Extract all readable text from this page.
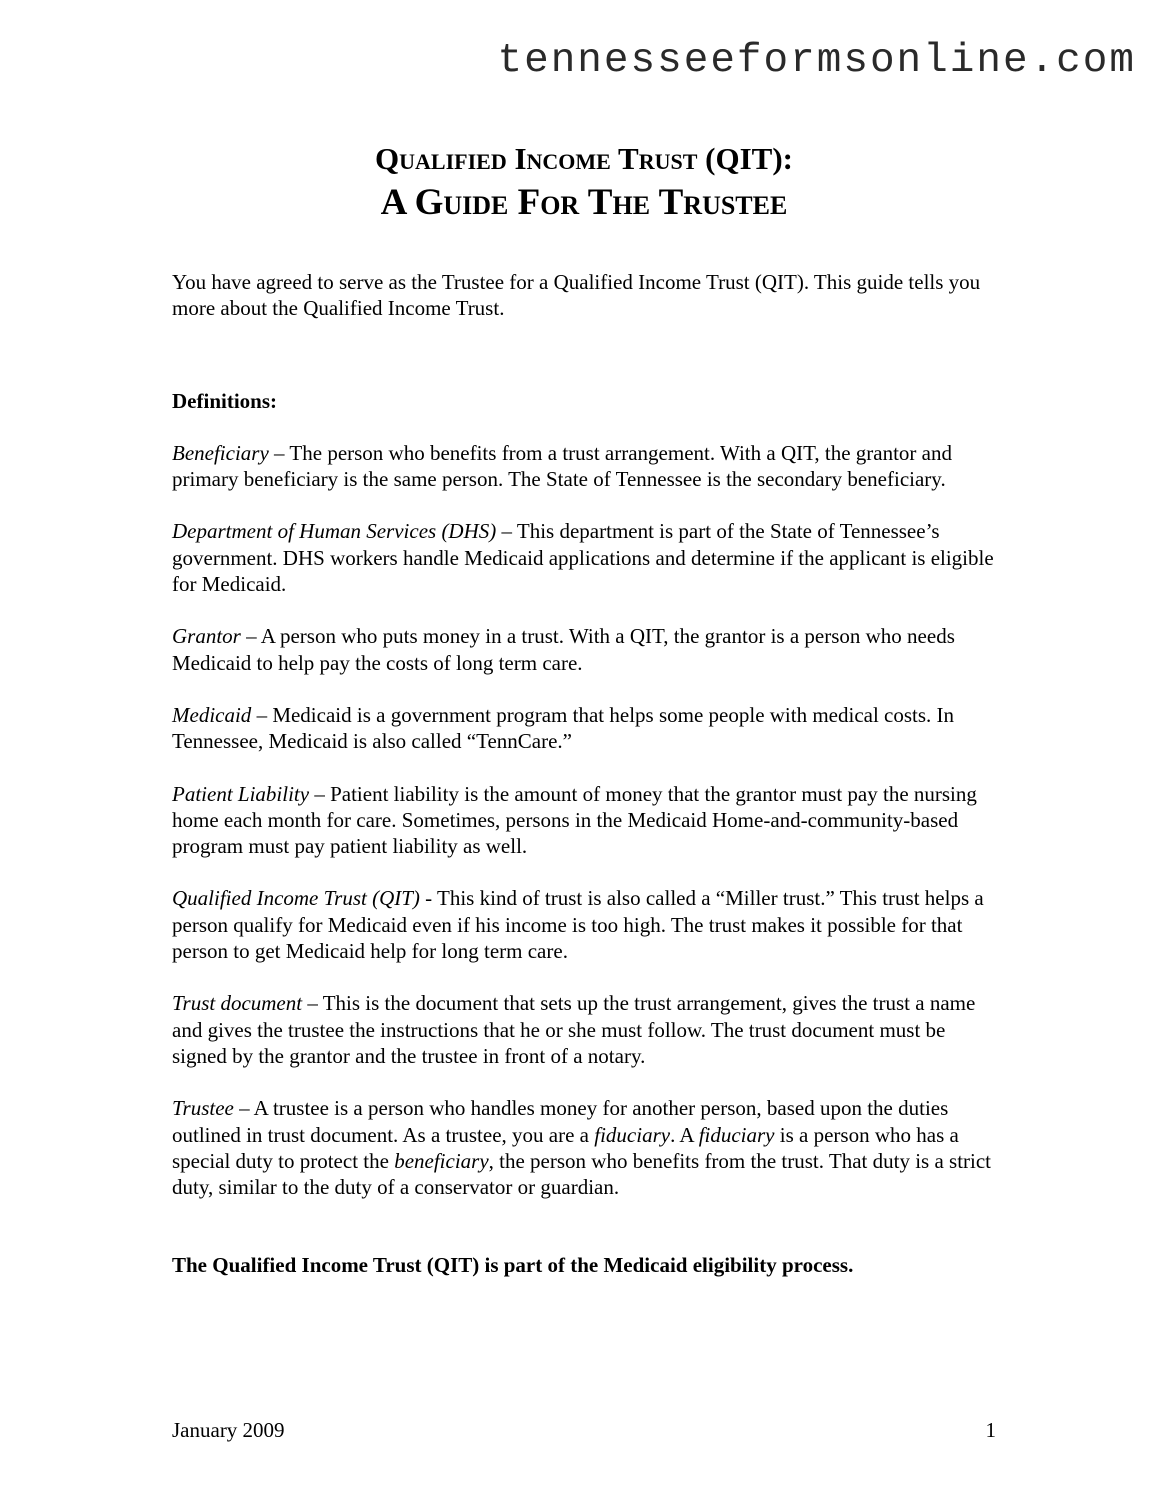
tennesseeformsonline.com
Qualified Income Trust (QIT):
A Guide For The Trustee

You have agreed to serve as the Trustee for a Qualified Income Trust (QIT). This guide tells you more about the Qualified Income Trust.

Definitions:

Beneficiary – The person who benefits from a trust arrangement. With a QIT, the grantor and primary beneficiary is the same person. The State of Tennessee is the secondary beneficiary.

Department of Human Services (DHS) – This department is part of the State of Tennessee’s government. DHS workers handle Medicaid applications and determine if the applicant is eligible for Medicaid.

Grantor – A person who puts money in a trust. With a QIT, the grantor is a person who needs Medicaid to help pay the costs of long term care.

Medicaid – Medicaid is a government program that helps some people with medical costs. In Tennessee, Medicaid is also called “TennCare.”

Patient Liability – Patient liability is the amount of money that the grantor must pay the nursing home each month for care. Sometimes, persons in the Medicaid Home-and-community-based program must pay patient liability as well.

Qualified Income Trust (QIT) - This kind of trust is also called a “Miller trust.” This trust helps a person qualify for Medicaid even if his income is too high. The trust makes it possible for that person to get Medicaid help for long term care.

Trust document – This is the document that sets up the trust arrangement, gives the trust a name and gives the trustee the instructions that he or she must follow. The trust document must be signed by the grantor and the trustee in front of a notary.

Trustee – A trustee is a person who handles money for another person, based upon the duties outlined in trust document. As a trustee, you are a fiduciary. A fiduciary is a person who has a special duty to protect the beneficiary, the person who benefits from the trust. That duty is a strict duty, similar to the duty of a conservator or guardian.

The Qualified Income Trust (QIT) is part of the Medicaid eligibility process.

January 2009	1
